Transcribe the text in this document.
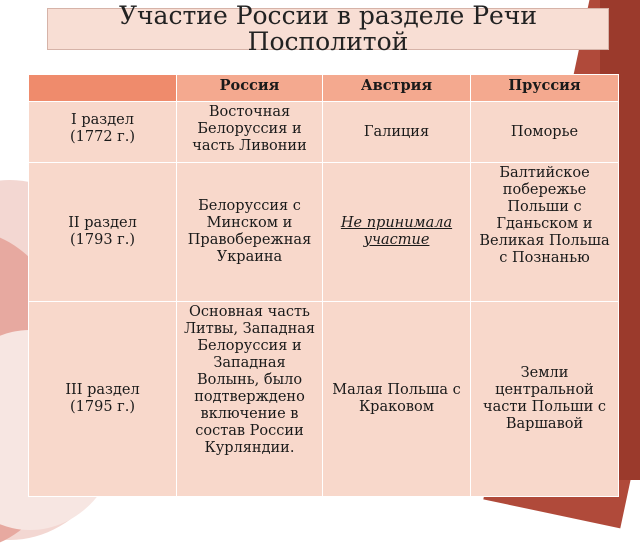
Участие России в разделе Речи Посполитой
	Россия	Австрия	Пруссия

I раздел
(1772 г.)	Восточная Белоруссия и часть Ливонии	Галиция	Поморье

II раздел
(1793 г.)	Белоруссия с Минском и Правобережная Украина	Не принимала участие	Балтийское побережье Польши с Гданьском и Великая Польша с Познанью

III раздел
(1795 г.)	Основная часть Литвы, Западная Белоруссия и Западная Волынь, было подтверждено включение в состав России Курляндии.	Малая Польша с Краковом	Земли центральной части Польши с Варшавой
